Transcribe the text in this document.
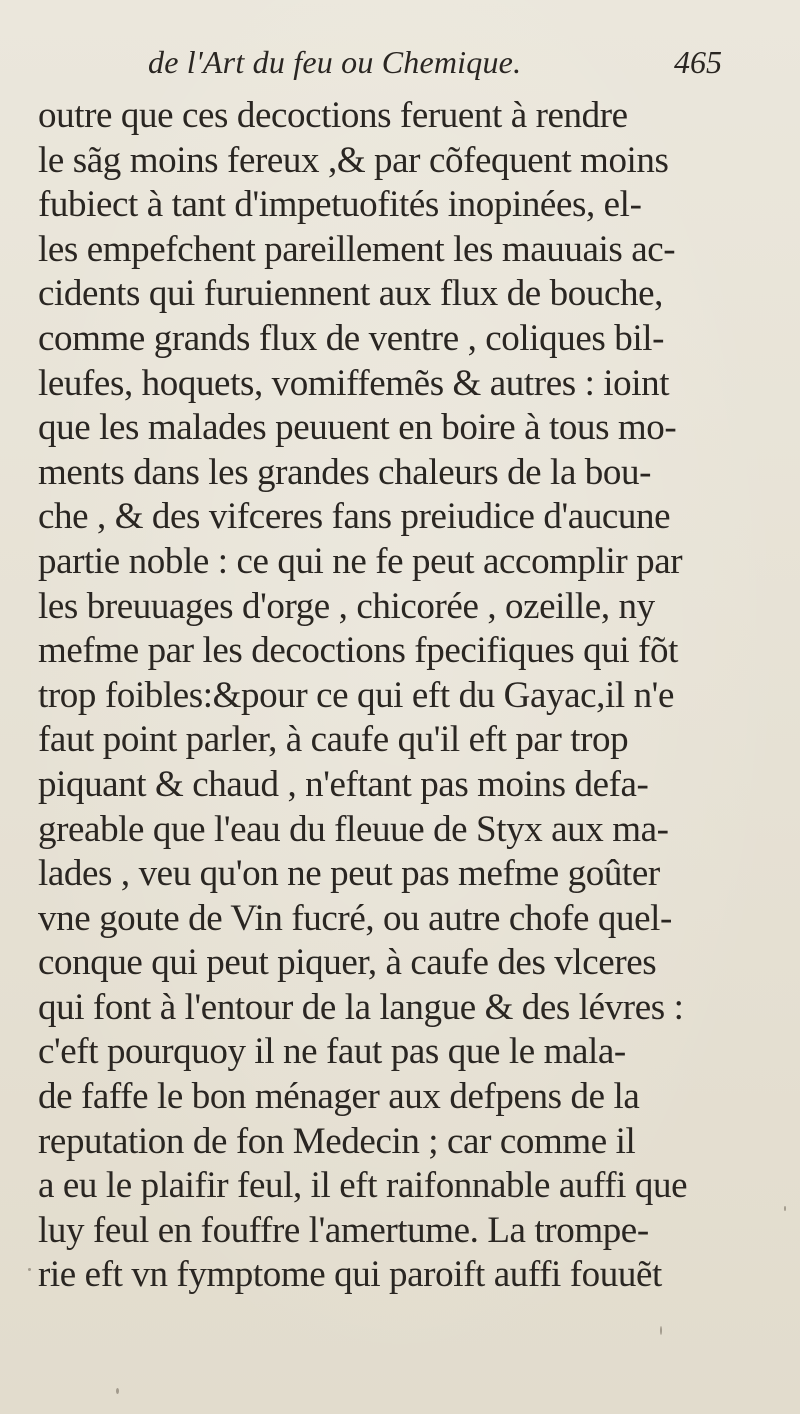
de l'Art du feu ou Chemique.	465
outre que ces decoctions feruent à rendre
le sãg moins fereux ,& par cõfequent moins
fubiect à tant d'impetuofités inopinées, el-
les empefchent pareillement les mauuais ac-
cidents qui furuiennent aux flux de bouche,
comme grands flux de ventre , coliques bil-
leufes, hoquets, vomiffemẽs & autres : ioint
que les malades peuuent en boire à tous mo-
ments dans les grandes chaleurs de la bou-
che , & des vifceres fans preiudice d'aucune
partie noble : ce qui ne fe peut accomplir par
les breuuages d'orge , chicorée , ozeille, ny
mefme par les decoctions fpecifiques qui fõt
trop foibles:&pour ce qui eft du Gayac,il n'e
faut point parler, à caufe qu'il eft par trop
piquant & chaud , n'eftant pas moins defa-
greable que l'eau du fleuue de Styx aux ma-
lades , veu qu'on ne peut pas mefme goûter
vne goute de Vin fucré, ou autre chofe quel-
conque qui peut piquer, à caufe des vlceres
qui font à l'entour de la langue & des lévres :
c'eft pourquoy il ne faut pas que le mala-
de faffe le bon ménager aux defpens de la
reputation de fon Medecin ; car comme il
a eu le plaifir feul, il eft raifonnable auffi que
luy feul en fouffre l'amertume. La trompe-
rie eft vn fymptome qui paroift auffi fouuẽt
